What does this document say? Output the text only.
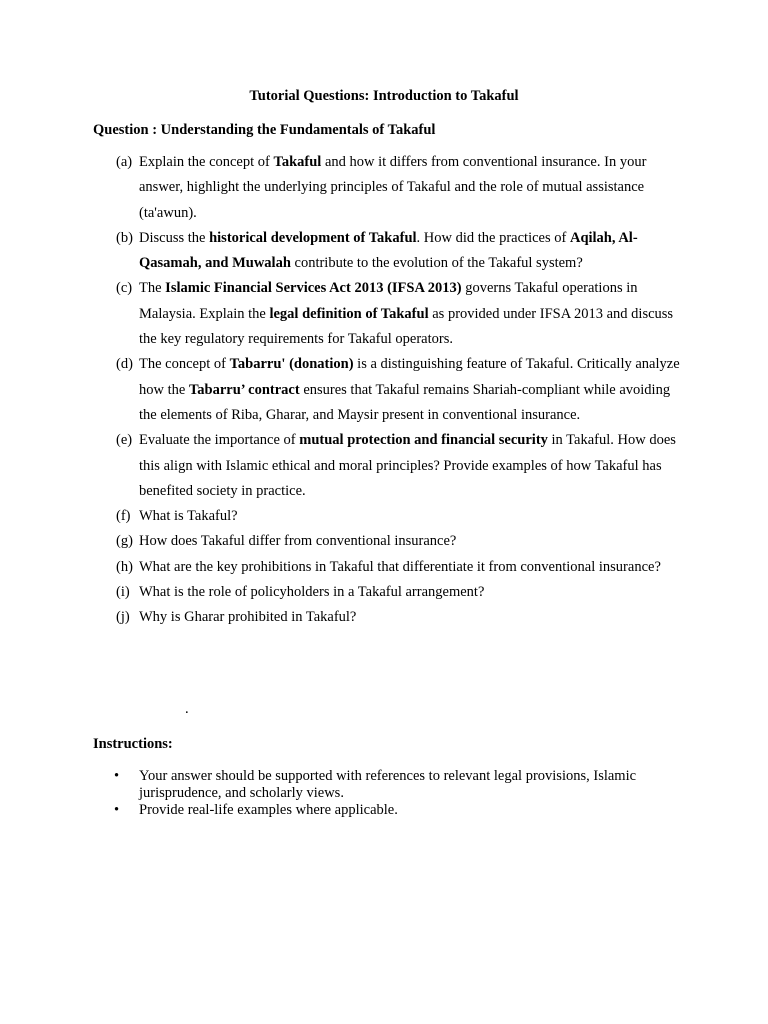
Tutorial Questions: Introduction to Takaful
Question : Understanding the Fundamentals of Takaful
(a) Explain the concept of Takaful and how it differs from conventional insurance. In your answer, highlight the underlying principles of Takaful and the role of mutual assistance (ta'awun).
(b) Discuss the historical development of Takaful. How did the practices of Aqilah, Al-Qasamah, and Muwalah contribute to the evolution of the Takaful system?
(c) The Islamic Financial Services Act 2013 (IFSA 2013) governs Takaful operations in Malaysia. Explain the legal definition of Takaful as provided under IFSA 2013 and discuss the key regulatory requirements for Takaful operators.
(d) The concept of Tabarru' (donation) is a distinguishing feature of Takaful. Critically analyze how the Tabarru’ contract ensures that Takaful remains Shariah-compliant while avoiding the elements of Riba, Gharar, and Maysir present in conventional insurance.
(e) Evaluate the importance of mutual protection and financial security in Takaful. How does this align with Islamic ethical and moral principles? Provide examples of how Takaful has benefited society in practice.
(f) What is Takaful?
(g) How does Takaful differ from conventional insurance?
(h) What are the key prohibitions in Takaful that differentiate it from conventional insurance?
(i) What is the role of policyholders in a Takaful arrangement?
(j) Why is Gharar prohibited in Takaful?
.
Instructions:
• Your answer should be supported with references to relevant legal provisions, Islamic jurisprudence, and scholarly views.
• Provide real-life examples where applicable.
